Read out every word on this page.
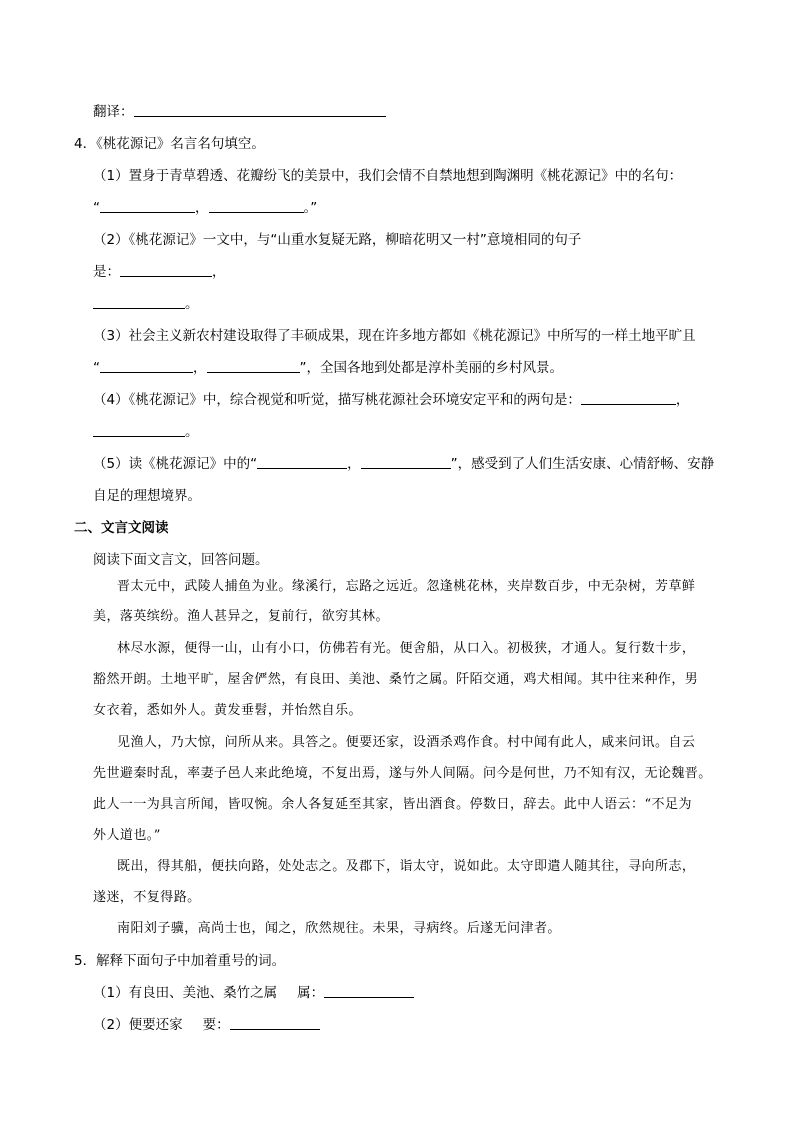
翻译：
4．《桃花源记》名言名句填空。
（1）置身于青草碧透、花瓣纷飞的美景中，我们会情不自禁地想到陶渊明《桃花源记》中的名句：
“	，	。”
（2）《桃花源记》一文中，与“山重水复疑无路，柳暗花明又一村”意境相同的句子
是：	，
。
（3）社会主义新农村建设取得了丰硕成果，现在许多地方都如《桃花源记》中所写的一样土地平旷且
“	，	”，全国各地到处都是淳朴美丽的乡村风景。
（4）《桃花源记》中，综合视觉和听觉，描写桃花源社会环境安定平和的两句是：	，
。
（5）读《桃花源记》中的“	，	”，感受到了人们生活安康、心情舒畅、安静
自足的理想境界。
二、文言文阅读
阅读下面文言文，回答问题。
晋太元中，武陵人捕鱼为业。缘溪行，忘路之远近。忽逢桃花林，夹岸数百步，中无杂树，芳草鲜
美，落英缤纷。渔人甚异之，复前行，欲穷其林。
林尽水源，便得一山，山有小口，仿佛若有光。便舍船，从口入。初极狭，才通人。复行数十步，
豁然开朗。土地平旷，屋舍俨然，有良田、美池、桑竹之属。阡陌交通，鸡犬相闻。其中往来种作，男
女衣着，悉如外人。黄发垂髫，并怡然自乐。
见渔人，乃大惊，问所从来。具答之。便要还家，设酒杀鸡作食。村中闻有此人，咸来问讯。自云
先世避秦时乱，率妻子邑人来此绝境，不复出焉，遂与外人间隔。问今是何世，乃不知有汉，无论魏晋。
此人一一为具言所闻，皆叹惋。余人各复延至其家，皆出酒食。停数日，辞去。此中人语云：“不足为
外人道也。”
既出，得其船，便扶向路，处处志之。及郡下，诣太守，说如此。太守即遣人随其往，寻向所志，
遂迷，不复得路。
南阳刘子骥，高尚士也，闻之，欣然规往。未果，寻病终。后遂无问津者。
5．解释下面句子中加着重号的词。
（1）有良田、美池、桑竹之属 属：
（2）便要还家 要：
